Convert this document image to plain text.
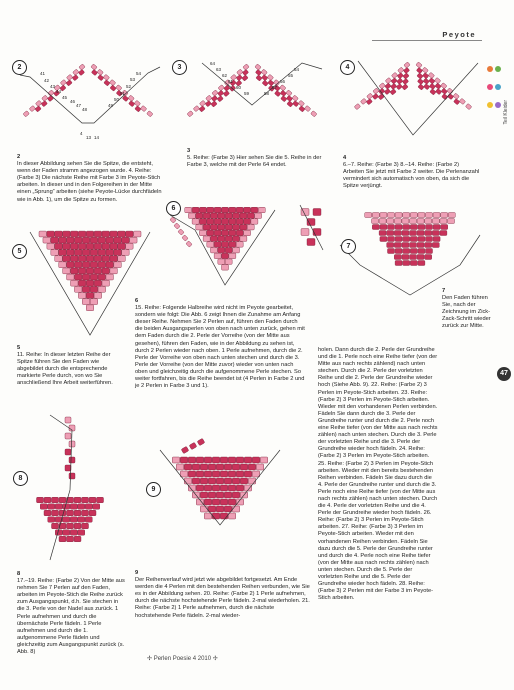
Peyote

Teil Kleider
47
41
42
43
44
45
46
47
48
49
50
51
52
53
54
4
13 14
2
64
63
62
61
60
59	58
57
56
55
54
3	4
5
6
7
8
9
2
In dieser Abbildung sehen Sie die Spitze, die entsteht, wenn der Faden stramm angezogen wurde. 4. Reihe: (Farbe 3) Die nächste Reihe mit Farbe 3 im Peyote-Stich arbeiten. In dieser und in den Folgereihen in der Mitte einen „Sprung“ arbeiten (siehe Peyote-Lücke durchfädeln wie in Abb. 1), um die Spitze zu formen.
3
5. Reihe: (Farbe 3) Hier sehen Sie die 5. Reihe in der Farbe 3, welche mit der Perle 64 endet.
4
6.–7. Reihe: (Farbe 3) 8.–14. Reihe: (Farbe 2) Arbeiten Sie jetzt mit Farbe 2 weiter. Die Perlenanzahl vermindert sich automatisch von oben, da sich die Spitze verjüngt.
5
11. Reihe: In dieser letzten Reihe der Spitze führen Sie den Faden wie abgebildet durch die entsprechende markierte Perle durch, von wo Sie anschließend Ihre Arbeit weiterführen.
6
15. Reihe: Folgende Halbreihe wird nicht im Peyote gearbeitet, sondern wie folgt: Die Abb. 6 zeigt Ihnen die Zunahme am Anfang dieser Reihe. Nehmen Sie 2 Perlen auf, führen den Faden durch die beiden Ausgangsperlen von oben nach unten zurück, gehen mit dem Faden durch die 2. Perle der Vorreihe (von der Mitte aus gesehen), führen den Faden, wie in der Abbildung zu sehen ist, durch 2 Perlen wieder nach oben. 1 Perle aufnehmen, durch die 2. Perle der Vorreihe von oben nach unten stechen und durch die 3. Perle der Vorreihe (von der Mitte zuvor) wieder von unten nach oben und gleichzeitig durch die aufgenommene Perle stechen. So weiter fortfahren, bis die Reihe beendet ist (4 Perlen in Farbe 2 und je 2 Perlen in Farbe 3 und 1).
7
Den Faden führen Sie, nach der Zeichnung im Zick-Zack-Schritt wieder zurück zur Mitte.
holen. Dann durch die 2. Perle der Grundreihe und die 1. Perle noch eine Reihe tiefer (von der Mitte aus nach rechts zählend) nach unten stechen. Durch die 2. Perle der vorletzten Reihe und die 2. Perle der Grundreihe wieder hoch (Siehe Abb. 9). 22. Reihe: (Farbe 2) 3 Perlen im Peyote-Stich arbeiten. 23. Reihe: (Farbe 2) 3 Perlen im Peyote-Stich arbeiten. Wieder mit den vorhandenen Perlen verbinden. Fädeln Sie dann durch die 3. Perle der Grundreihe runter und durch die 2. Perle noch eine Reihe tiefer (von der Mitte aus nach rechts zählen) nach unten stechen. Durch die 3. Perle der vorletzten Reihe und die 3. Perle der Grundreihe wieder hoch fädeln. 24. Reihe: (Farbe 2) 3 Perlen im Peyote-Stich arbeiten. 25. Reihe: (Farbe 2) 3 Perlen im Peyote-Stich arbeiten. Wieder mit den bereits bestehenden Reihen verbinden. Fädeln Sie dazu durch die 4. Perle der Grundreihe runter und durch die 3. Perle noch eine Reihe tiefer (von der Mitte aus nach rechts zählen) nach unten stechen. Durch die 4. Perle der vorletzten Reihe und die 4. Perle der Grundreihe wieder hoch fädeln. 26. Reihe: (Farbe 2) 3 Perlen im Peyote-Stich arbeiten. 27. Reihe: (Farbe 3) 3 Perlen im Peyote-Stich arbeiten. Wieder mit den vorhandenen Reihen verbinden. Fädeln Sie dazu durch die 5. Perle der Grundreihe runter und durch die 4. Perle noch eine Reihe tiefer (von der Mitte aus nach rechts zählen) nach unten stechen. Durch die 5. Perle der vorletzten Reihe und die 5. Perle der Grundreihe wieder hoch fädeln. 28. Reihe: (Farbe 3) 2 Perlen mit der Farbe 3 im Peyote-Stich arbeiten.
8
17.–19. Reihe: (Farbe 2) Von der Mitte aus nehmen Sie 7 Perlen auf den Faden, arbeiten im Peyote-Stich die Reihe zurück zum Ausgangspunkt, d.h. Sie stechen in die 3. Perle von der Nadel aus zurück. 1 Perle aufnehmen und durch die übernächste Perle fädeln. 1 Perle aufnehmen und durch die 1. aufgenommene Perle fädeln und gleichzeitig zum Ausgangspunkt zurück (s. Abb. 8)
9
Der Reihenverlauf wird jetzt wie abgebildet fortgesetzt. Am Ende werden die 4 Perlen mit den bestehenden Reihen verbunden, wie Sie es in der Abbildung sehen. 20. Reihe: (Farbe 2) 1 Perle aufnehmen, durch die nächste hochstehende Perle fädeln. 2-mal wiederholen. 21. Reihe: (Farbe 2) 1 Perle aufnehmen, durch die nächste hochstehende Perle fädeln. 2-mal wieder-
✢ Perlen Poesie 4 2010 ✢
